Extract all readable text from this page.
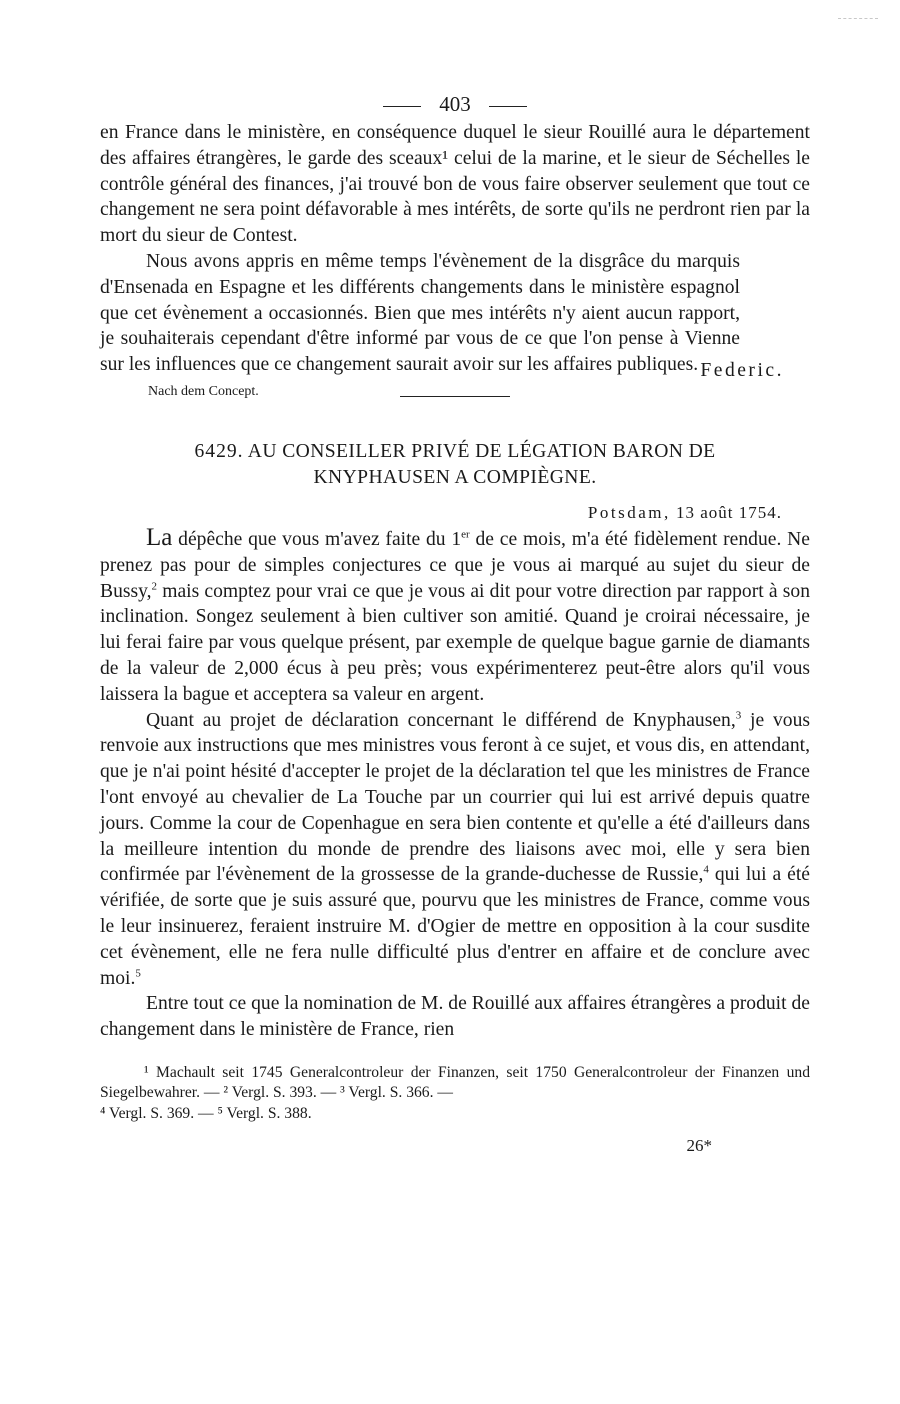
403

en France dans le ministère, en conséquence duquel le sieur Rouillé aura le département des affaires étrangères, le garde des sceaux¹ celui de la marine, et le sieur de Séchelles le contrôle général des finances, j'ai trouvé bon de vous faire observer seulement que tout ce changement ne sera point défavorable à mes intérêts, de sorte qu'ils ne perdront rien par la mort du sieur de Contest.

Nous avons appris en même temps l'évènement de la disgrâce du marquis d'Ensenada en Espagne et les différents changements dans le ministère espagnol que cet évènement a occasionnés. Bien que mes intérêts n'y aient aucun rapport, je souhaiterais cependant d'être informé par vous de ce que l'on pense à Vienne sur les influences que ce changement saurait avoir sur les affaires publiques. Federic.
Nach dem Concept.
6429. AU CONSEILLER PRIVÉ DE LÉGATION BARON DE
KNYPHAUSEN A COMPIÈGNE.
Potsdam, 13 août 1754.

La dépêche que vous m'avez faite du 1er de ce mois, m'a été fidèlement rendue. Ne prenez pas pour de simples conjectures ce que je vous ai marqué au sujet du sieur de Bussy,$^2$ mais comptez pour vrai ce que je vous ai dit pour votre direction par rapport à son inclination. Songez seulement à bien cultiver son amitié. Quand je croirai nécessaire, je lui ferai faire par vous quelque présent, par exemple de quelque bague garnie de diamants de la valeur de 2,000 écus à peu près; vous expérimenterez peut-être alors qu'il vous laissera la bague et acceptera sa valeur en argent.

Quant au projet de déclaration concernant le différend de Knyphausen,$^3$ je vous renvoie aux instructions que mes ministres vous feront à ce sujet, et vous dis, en attendant, que je n'ai point hésité d'accepter le projet de la déclaration tel que les ministres de France l'ont envoyé au chevalier de La Touche par un courrier qui lui est arrivé depuis quatre jours. Comme la cour de Copenhague en sera bien contente et qu'elle a été d'ailleurs dans la meilleure intention du monde de prendre des liaisons avec moi, elle y sera bien confirmée par l'évènement de la grossesse de la grande-duchesse de Russie,$^4$ qui lui a été vérifiée, de sorte que je suis assuré que, pourvu que les ministres de France, comme vous le leur insinuerez, feraient instruire M. d'Ogier de mettre en opposition à la cour susdite cet évènement, elle ne fera nulle difficulté plus d'entrer en affaire et de conclure avec moi.$^5$

Entre tout ce que la nomination de M. de Rouillé aux affaires étrangères a produit de changement dans le ministère de France, rien

¹ Machault seit 1745 Generalcontroleur der Finanzen, seit 1750 Generalcontroleur der Finanzen und Siegelbewahrer. — ² Vergl. S. 393. — ³ Vergl. S. 366. —
⁴ Vergl. S. 369. — ⁵ Vergl. S. 388.
26*
